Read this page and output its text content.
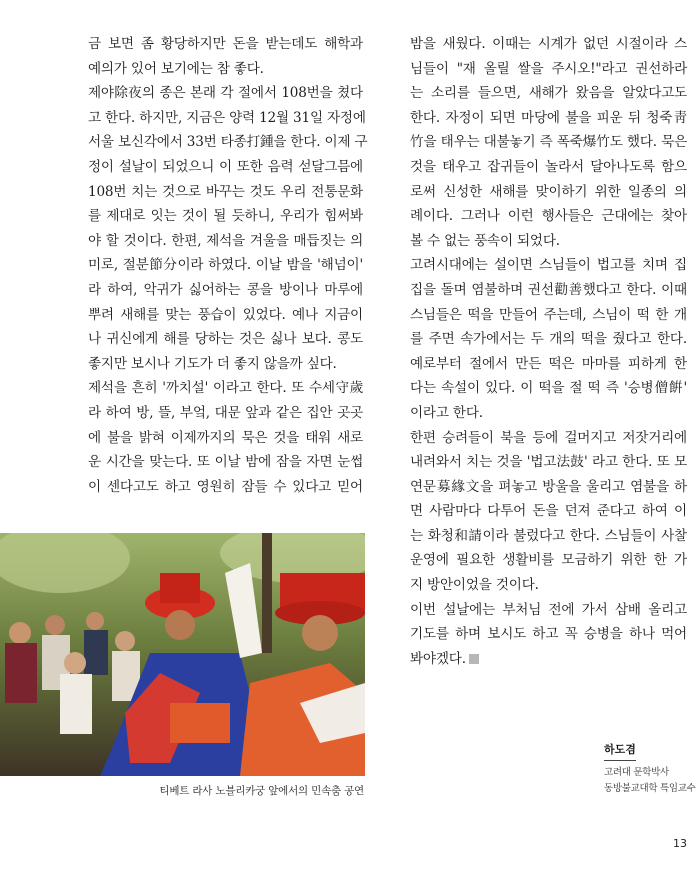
금 보면 좀 황당하지만 돈을 받는데도 해학과
예의가 있어 보기에는 참 좋다.

제야除夜의 종은 본래 각 절에서 108번을 쳤다
고 한다. 하지만, 지금은 양력 12월 31일 자정에
서울 보신각에서 33번 타종打鍾을 한다. 이제 구
정이 설날이 되었으니 이 또한 음력 섣달그믐에
108번 치는 것으로 바꾸는 것도 우리 전통문화
를 제대로 잇는 것이 될 듯하니, 우리가 힘써봐
야 할 것이다. 한편, 제석을 겨울을 매듭짓는 의
미로, 절분節分이라 하였다. 이날 밤을 '해넘이'
라 하여, 악귀가 싫어하는 콩을 방이나 마루에
뿌려 새해를 맞는 풍습이 있었다. 예나 지금이
나 귀신에게 해를 당하는 것은 싫나 보다. 콩도
좋지만 보시나 기도가 더 좋지 않을까 싶다.

제석을 흔히 '까치설' 이라고 한다. 또 수세守歲
라 하여 방, 뜰, 부엌, 대문 앞과 같은 집안 곳곳
에 불을 밝혀 이제까지의 묵은 것을 태워 새로
운 시간을 맞는다. 또 이날 밤에 잠을 자면 눈썹
이 센다고도 하고 영원히 잠들 수 있다고 믿어

밤을 새웠다. 이때는 시계가 없던 시절이라 스
님들이 "재 올릴 쌀을 주시오!"라고 권선하라
는 소리를 들으면, 새해가 왔음을 알았다고도
한다. 자정이 되면 마당에 불을 피운 뒤 청죽靑
竹을 태우는 대불놓기 즉 폭죽爆竹도 했다. 묵은
것을 태우고 잡귀들이 놀라서 달아나도록 함으
로써 신성한 새해를 맞이하기 위한 일종의 의
례이다. 그러나 이런 행사들은 근대에는 찾아
볼 수 없는 풍속이 되었다.

고려시대에는 설이면 스님들이 법고를 치며 집
집을 돌며 염불하며 권선勸善했다고 한다. 이때
스님들은 떡을 만들어 주는데, 스님이 떡 한 개
를 주면 속가에서는 두 개의 떡을 줬다고 한다.
예로부터 절에서 만든 떡은 마마를 피하게 한
다는 속설이 있다. 이 떡을 절 떡 즉 '승병僧餠'
이라고 한다.

한편 승려들이 북을 등에 걸머지고 저잣거리에
내려와서 치는 것을 '법고法鼓' 라고 한다. 또 모
연문募緣文을 펴놓고 방울을 울리고 염불을 하
면 사람마다 다투어 돈을 던져 준다고 하여 이
는 화청和請이라 불렀다고 한다. 스님들이 사찰
운영에 필요한 생활비를 모금하기 위한 한 가
지 방안이었을 것이다.

이번 설날에는 부처님 전에 가서 삼배 올리고
기도를 하며 보시도 하고 꼭 승병을 하나 먹어
봐야겠다.

티베트 라사 노블리카궁 앞에서의 민속춤 공연
하도겸
고려대 문학박사
동방불교대학 특임교수
13
